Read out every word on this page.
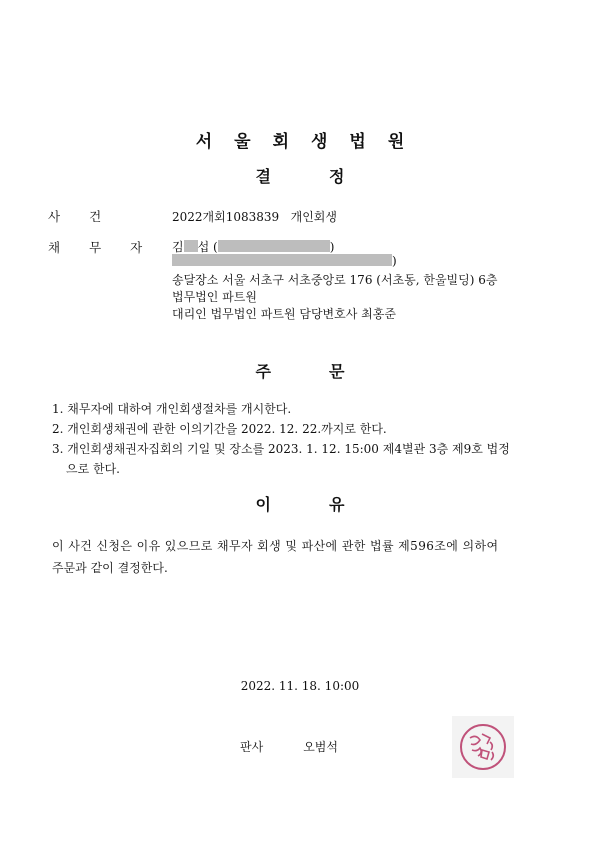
서울회생법원
결정
사건	2022개회1083839 개인회생
채무자 김 섭 (	)
)
송달장소 서울 서초구 서초중앙로 176 (서초동, 한울빌딩) 6층
법무법인 파트원
대리인 법무법인 파트원 담당변호사 최홍준
주문
1. 채무자에 대하여 개인회생절차를 개시한다.
2. 개인회생채권에 관한 이의기간을 2022. 12. 22.까지로 한다.
3. 개인회생채권자집회의 기일 및 장소를 2023. 1. 12. 15:00 제4별관 3층 제9호 법정
으로 한다.
이유
이 사건 신청은 이유 있으므로 채무자 회생 및 파산에 관한 법률 제596조에 의하여
주문과 같이 결정한다.
2022. 11. 18. 10:00
판사	오범석
